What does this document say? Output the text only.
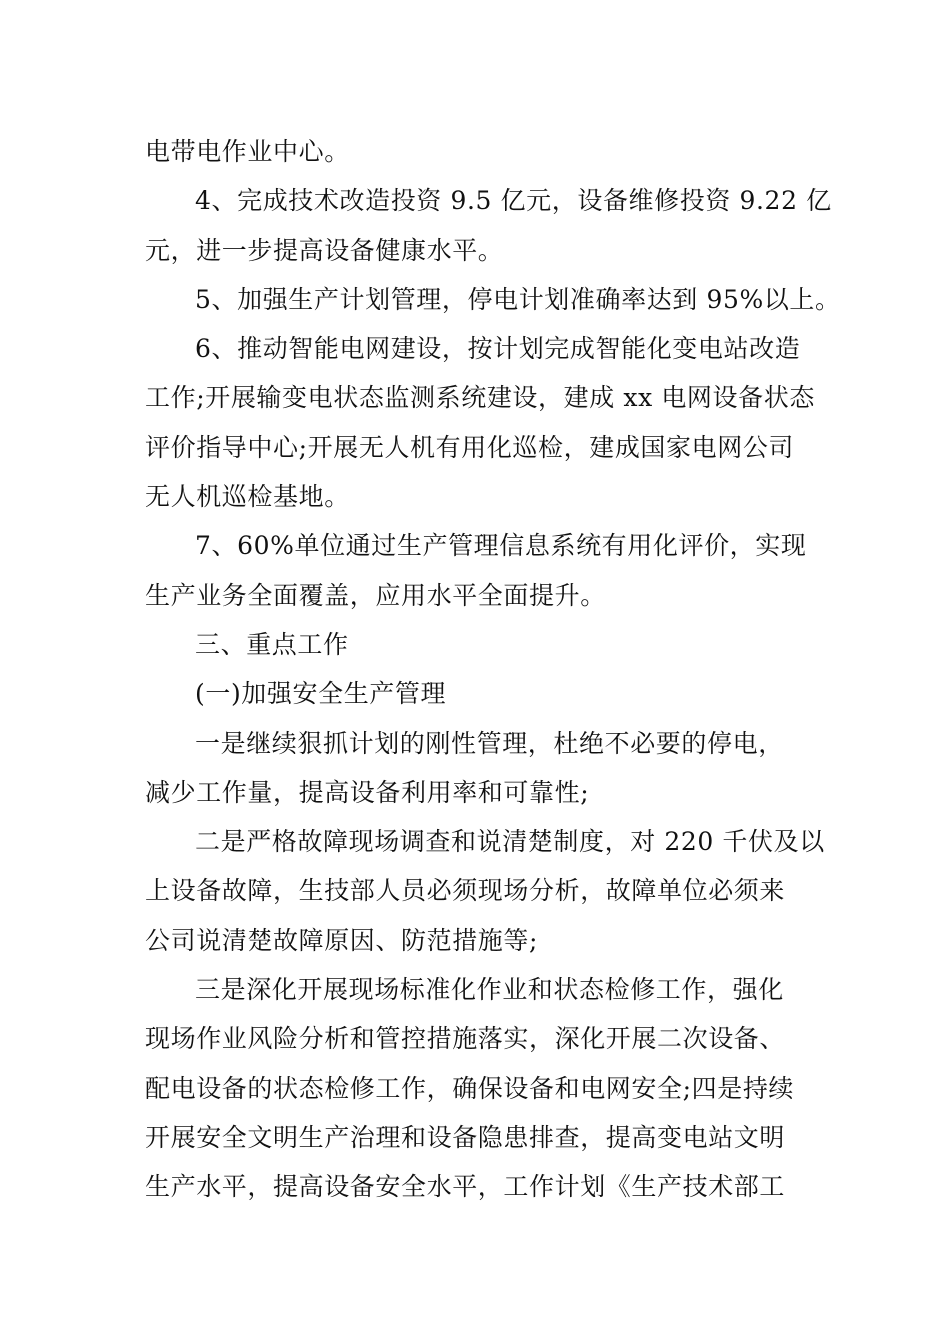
电带电作业中心。
4、完成技术改造投资 9.5 亿元，设备维修投资 9.22 亿
元，进一步提高设备健康水平。
5、加强生产计划管理，停电计划准确率达到 95%以上。
6、推动智能电网建设，按计划完成智能化变电站改造
工作;开展输变电状态监测系统建设，建成 xx 电网设备状态
评价指导中心;开展无人机有用化巡检，建成国家电网公司
无人机巡检基地。
7、60%单位通过生产管理信息系统有用化评价，实现
生产业务全面覆盖，应用水平全面提升。
三、重点工作
(一)加强安全生产管理
一是继续狠抓计划的刚性管理，杜绝不必要的停电，
减少工作量，提高设备利用率和可靠性;
二是严格故障现场调查和说清楚制度，对 220 千伏及以
上设备故障，生技部人员必须现场分析，故障单位必须来
公司说清楚故障原因、防范措施等;
三是深化开展现场标准化作业和状态检修工作，强化
现场作业风险分析和管控措施落实，深化开展二次设备、
配电设备的状态检修工作，确保设备和电网安全;四是持续
开展安全文明生产治理和设备隐患排查，提高变电站文明
生产水平，提高设备安全水平，工作计划《生产技术部工
